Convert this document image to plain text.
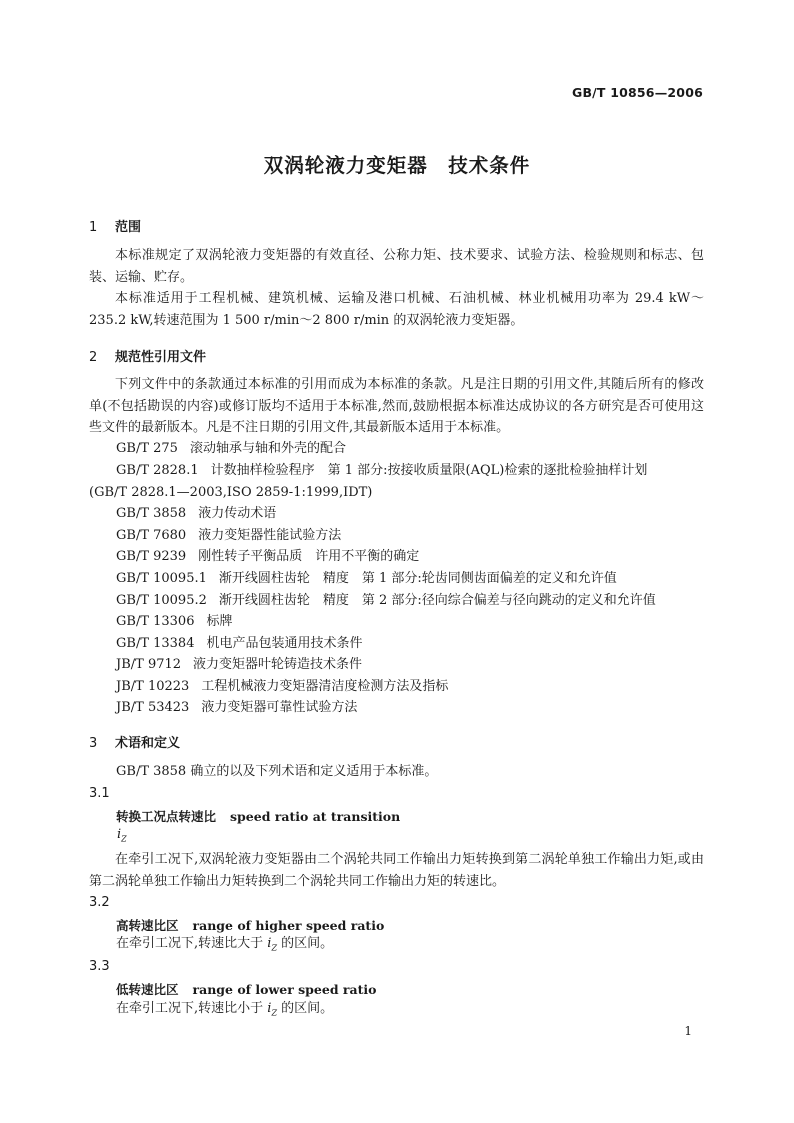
GB/T 10856—2006
双涡轮液力变矩器　技术条件
1 范围
本标准规定了双涡轮液力变矩器的有效直径、公称力矩、技术要求、试验方法、检验规则和标志、包装、运输、贮存。
本标准适用于工程机械、建筑机械、运输及港口机械、石油机械、林业机械用功率为 29.4 kW～235.2 kW,转速范围为 1 500 r/min～2 800 r/min 的双涡轮液力变矩器。
2 规范性引用文件
下列文件中的条款通过本标准的引用而成为本标准的条款。凡是注日期的引用文件,其随后所有的修改单(不包括勘误的内容)或修订版均不适用于本标准,然而,鼓励根据本标准达成协议的各方研究是否可使用这些文件的最新版本。凡是不注日期的引用文件,其最新版本适用于本标准。
GB/T 275 滚动轴承与轴和外壳的配合
GB/T 2828.1 计数抽样检验程序　第 1 部分:按接收质量限(AQL)检索的逐批检验抽样计划
(GB/T 2828.1—2003,ISO 2859-1:1999,IDT)
GB/T 3858 液力传动术语
GB/T 7680 液力变矩器性能试验方法
GB/T 9239 刚性转子平衡品质　许用不平衡的确定
GB/T 10095.1 渐开线圆柱齿轮　精度　第 1 部分:轮齿同侧齿面偏差的定义和允许值
GB/T 10095.2 渐开线圆柱齿轮　精度　第 2 部分:径向综合偏差与径向跳动的定义和允许值
GB/T 13306 标牌
GB/T 13384 机电产品包装通用技术条件
JB/T 9712 液力变矩器叶轮铸造技术条件
JB/T 10223 工程机械液力变矩器清洁度检测方法及指标
JB/T 53423 液力变矩器可靠性试验方法
3 术语和定义
GB/T 3858 确立的以及下列术语和定义适用于本标准。
3.1
转换工况点转速比 speed ratio at transition
$i_Z$
在牵引工况下,双涡轮液力变矩器由二个涡轮共同工作输出力矩转换到第二涡轮单独工作输出力矩,或由第二涡轮单独工作输出力矩转换到二个涡轮共同工作输出力矩的转速比。
3.2
高转速比区 range of higher speed ratio
在牵引工况下,转速比大于 $i_Z$ 的区间。
3.3
低转速比区 range of lower speed ratio
在牵引工况下,转速比小于 $i_Z$ 的区间。
1
